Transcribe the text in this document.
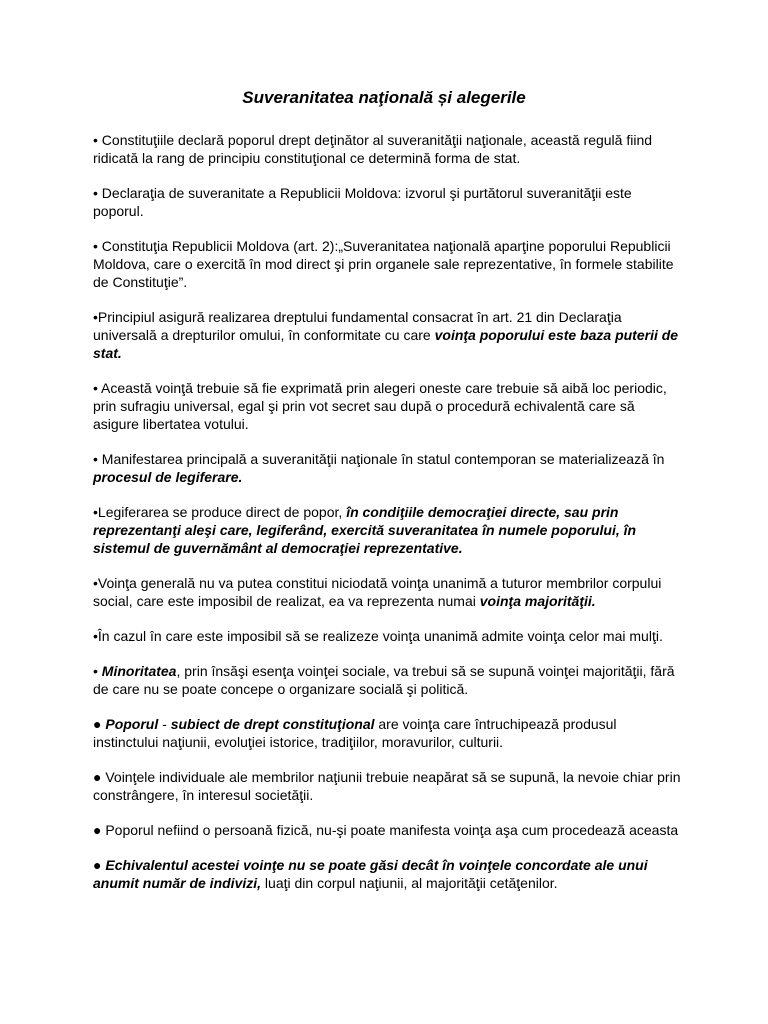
Suveranitatea naţională și alegerile

• Constituţiile declară poporul drept deţinător al suveranităţii naţionale, această regulă fiind ridicată la rang de principiu constituţional ce determină forma de stat.

• Declaraţia de suveranitate a Republicii Moldova: izvorul şi purtătorul suveranităţii este poporul.

• Constituţia Republicii Moldova (art. 2):„Suveranitatea naţională aparţine poporului Republicii Moldova, care o exercită în mod direct şi prin organele sale reprezentative, în formele stabilite de Constituţie”.

•Principiul asigură realizarea dreptului fundamental consacrat în art. 21 din Declaraţia universală a drepturilor omului, în conformitate cu care voinţa poporului este baza puterii de stat.

• Această voinţă trebuie să fie exprimată prin alegeri oneste care trebuie să aibă loc periodic, prin sufragiu universal, egal şi prin vot secret sau după o procedură echivalentă care să asigure libertatea votului.

• Manifestarea principală a suveranităţii naţionale în statul contemporan se materializează în procesul de legiferare.

•Legiferarea se produce direct de popor, în condiţiile democraţiei directe, sau prin reprezentanţi aleşi care, legiferând, exercită suveranitatea în numele poporului, în sistemul de guvernământ al democraţiei reprezentative.

•Voinţa generală nu va putea constitui niciodată voinţa unanimă a tuturor membrilor corpului social, care este imposibil de realizat, ea va reprezenta numai voinţa majorităţii.

•În cazul în care este imposibil să se realizeze voinţa unanimă admite voinţa celor mai mulţi.

• Minoritatea, prin însăşi esenţa voinţei sociale, va trebui să se supună voinţei majorităţii, fără de care nu se poate concepe o organizare socială şi politică.

● Poporul - subiect de drept constituţional are voinţa care întruchipează produsul instinctului naţiunii, evoluţiei istorice, tradiţiilor, moravurilor, culturii.

● Voinţele individuale ale membrilor naţiunii trebuie neapărat să se supună, la nevoie chiar prin constrângere, în interesul societăţii.

● Poporul nefiind o persoană fizică, nu-şi poate manifesta voinţa aşa cum procedează aceasta

● Echivalentul acestei voinţe nu se poate găsi decât în voinţele concordate ale unui anumit număr de indivizi, luaţi din corpul naţiunii, al majorităţii cetăţenilor.
